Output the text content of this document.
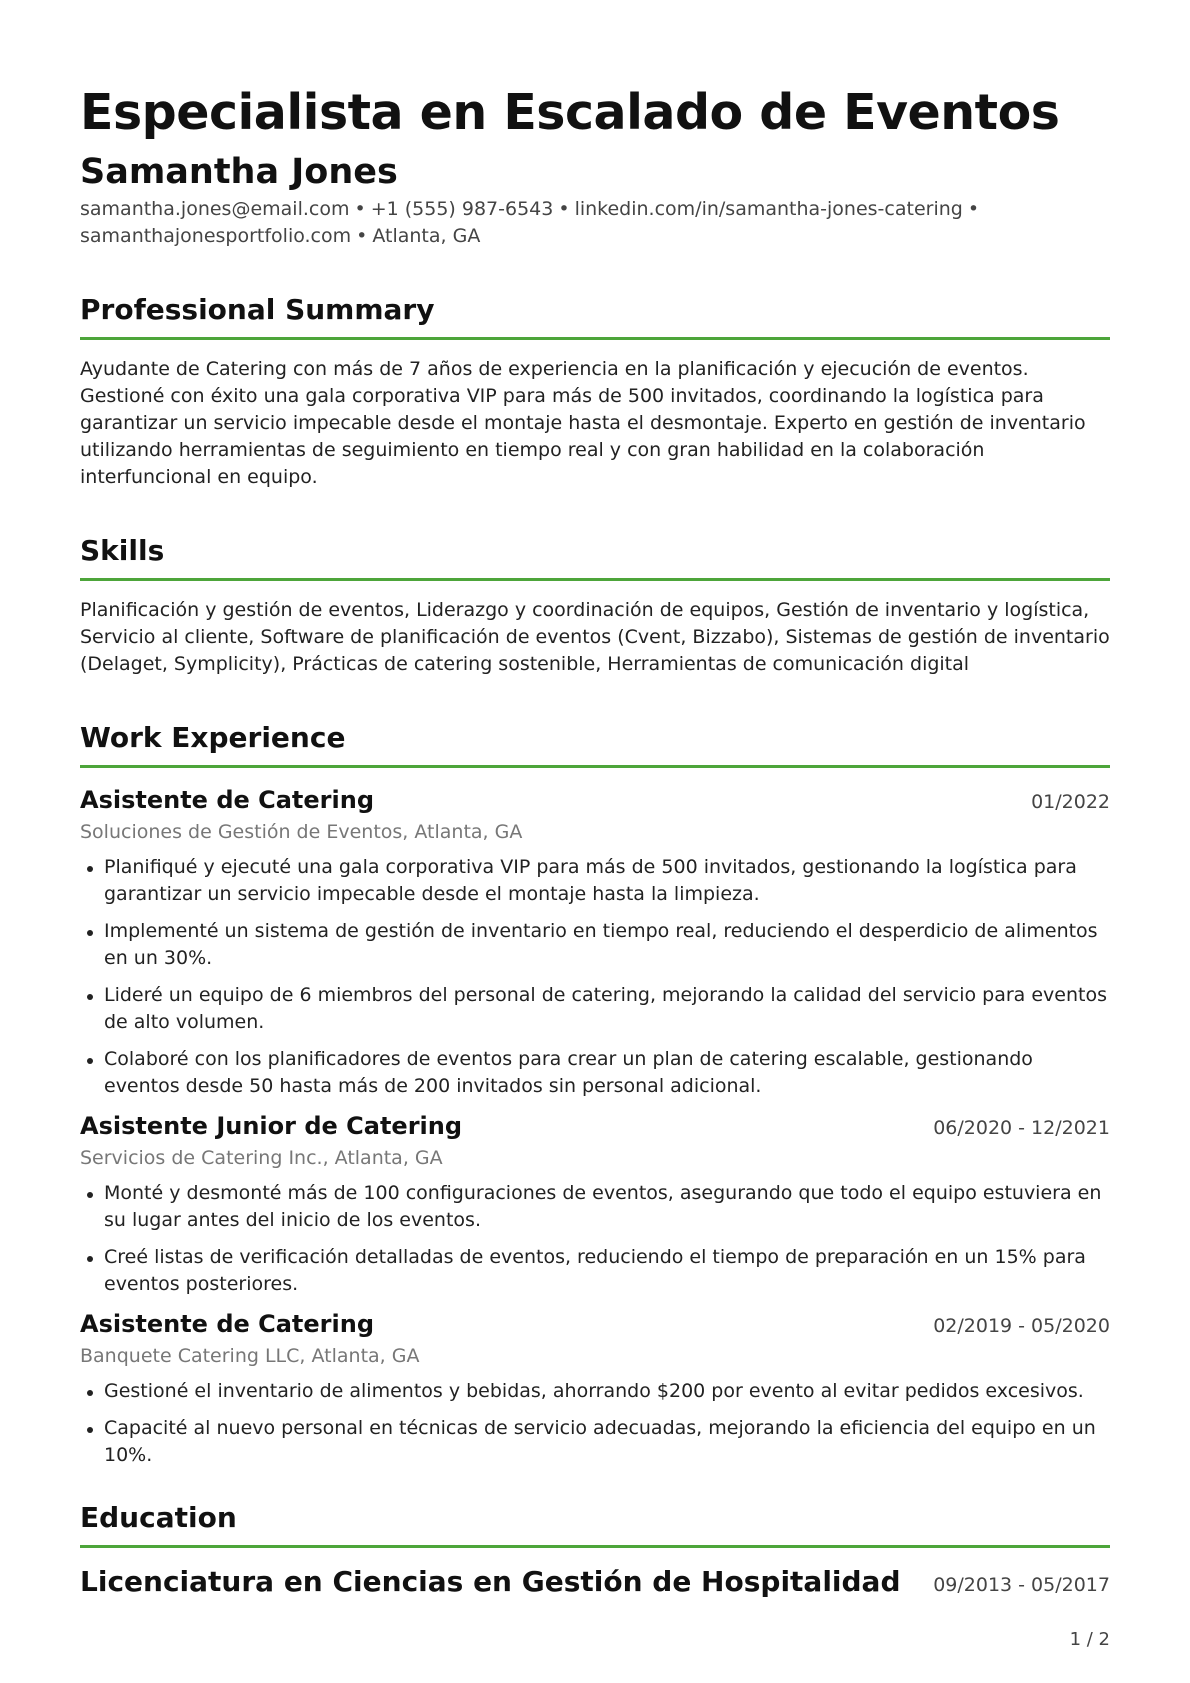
Especialista en Escalado de Eventos
Samantha Jones
samantha.jones@email.com • +1 (555) 987-6543 • linkedin.com/in/samantha-jones-catering •
samanthajonesportfolio.com • Atlanta, GA
Professional Summary

Ayudante de Catering con más de 7 años de experiencia en la planificación y ejecución de eventos. Gestioné con éxito una gala corporativa VIP para más de 500 invitados, coordinando la logística para garantizar un servicio impecable desde el montaje hasta el desmontaje. Experto en gestión de inventario utilizando herramientas de seguimiento en tiempo real y con gran habilidad en la colaboración interfuncional en equipo.

Skills

Planificación y gestión de eventos, Liderazgo y coordinación de equipos, Gestión de inventario y logística, Servicio al cliente, Software de planificación de eventos (Cvent, Bizzabo), Sistemas de gestión de inventario (Delaget, Symplicity), Prácticas de catering sostenible, Herramientas de comunicación digital

Work Experience
Asistente de Catering	01/2022
Soluciones de Gestión de Eventos, Atlanta, GA
Planifiqué y ejecuté una gala corporativa VIP para más de 500 invitados, gestionando la logística para garantizar un servicio impecable desde el montaje hasta la limpieza.
Implementé un sistema de gestión de inventario en tiempo real, reduciendo el desperdicio de alimentos en un 30%.
Lideré un equipo de 6 miembros del personal de catering, mejorando la calidad del servicio para eventos de alto volumen.
Colaboré con los planificadores de eventos para crear un plan de catering escalable, gestionando eventos desde 50 hasta más de 200 invitados sin personal adicional.
Asistente Junior de Catering	06/2020 - 12/2021
Servicios de Catering Inc., Atlanta, GA
Monté y desmonté más de 100 configuraciones de eventos, asegurando que todo el equipo estuviera en su lugar antes del inicio de los eventos.
Creé listas de verificación detalladas de eventos, reduciendo el tiempo de preparación en un 15% para eventos posteriores.
Asistente de Catering	02/2019 - 05/2020
Banquete Catering LLC, Atlanta, GA
Gestioné el inventario de alimentos y bebidas, ahorrando $200 por evento al evitar pedidos excesivos.
Capacité al nuevo personal en técnicas de servicio adecuadas, mejorando la eficiencia del equipo en un 10%.
Education
Licenciatura en Ciencias en Gestión de Hospitalidad 09/2013 - 05/2017
1 / 2
